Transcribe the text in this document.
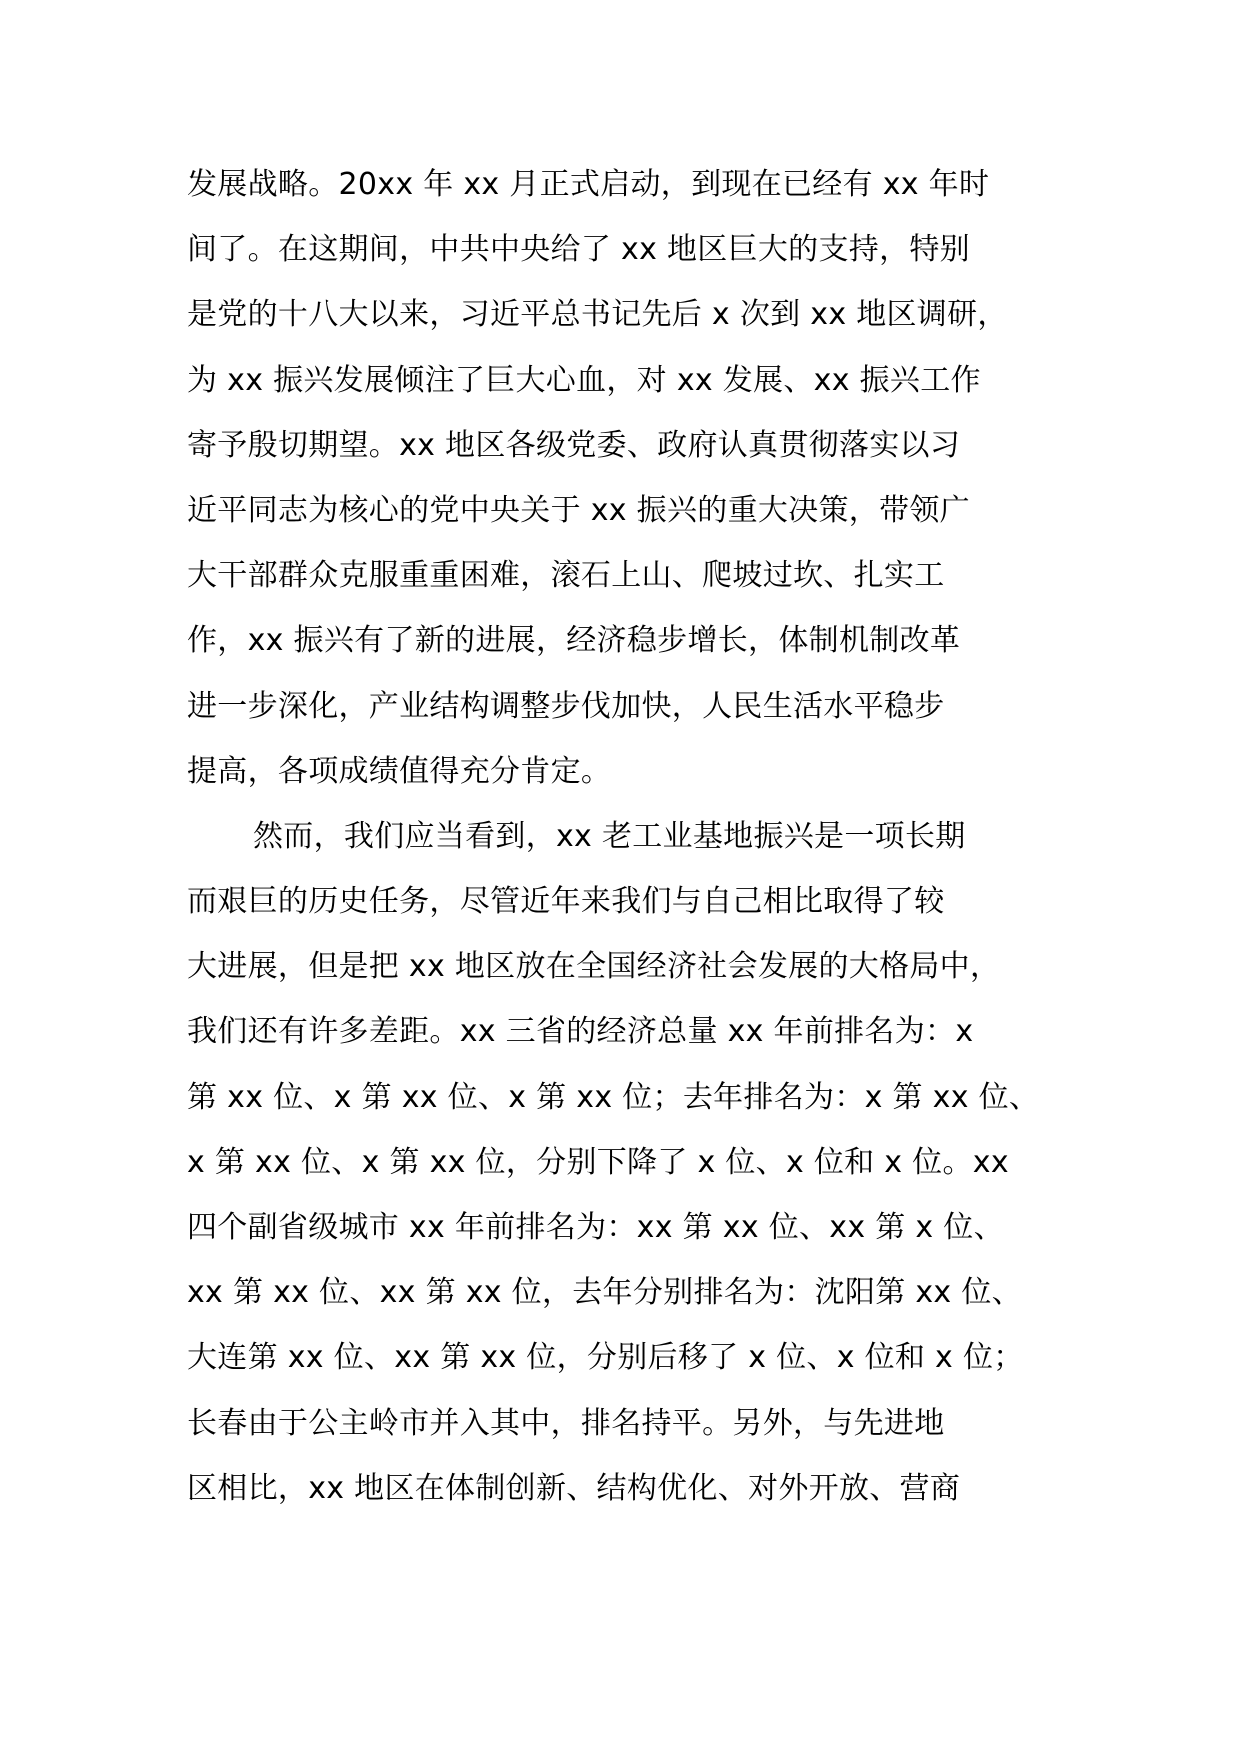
发展战略。20xx 年 xx 月正式启动，到现在已经有 xx 年时
间了。在这期间，中共中央给了 xx 地区巨大的支持，特别
是党的十八大以来，习近平总书记先后 x 次到 xx 地区调研，
为 xx 振兴发展倾注了巨大心血，对 xx 发展、xx 振兴工作
寄予殷切期望。xx 地区各级党委、政府认真贯彻落实以习
近平同志为核心的党中央关于 xx 振兴的重大决策，带领广
大干部群众克服重重困难，滚石上山、爬坡过坎、扎实工
作，xx 振兴有了新的进展，经济稳步增长，体制机制改革
进一步深化，产业结构调整步伐加快，人民生活水平稳步
提高，各项成绩值得充分肯定。
然而，我们应当看到，xx 老工业基地振兴是一项长期
而艰巨的历史任务，尽管近年来我们与自己相比取得了较
大进展，但是把 xx 地区放在全国经济社会发展的大格局中，
我们还有许多差距。xx 三省的经济总量 xx 年前排名为：x
第 xx 位、x 第 xx 位、x 第 xx 位；去年排名为：x 第 xx 位、
x 第 xx 位、x 第 xx 位，分别下降了 x 位、x 位和 x 位。xx
四个副省级城市 xx 年前排名为：xx 第 xx 位、xx 第 x 位、
xx 第 xx 位、xx 第 xx 位，去年分别排名为：沈阳第 xx 位、
大连第 xx 位、xx 第 xx 位，分别后移了 x 位、x 位和 x 位；
长春由于公主岭市并入其中，排名持平。另外，与先进地
区相比，xx 地区在体制创新、结构优化、对外开放、营商
